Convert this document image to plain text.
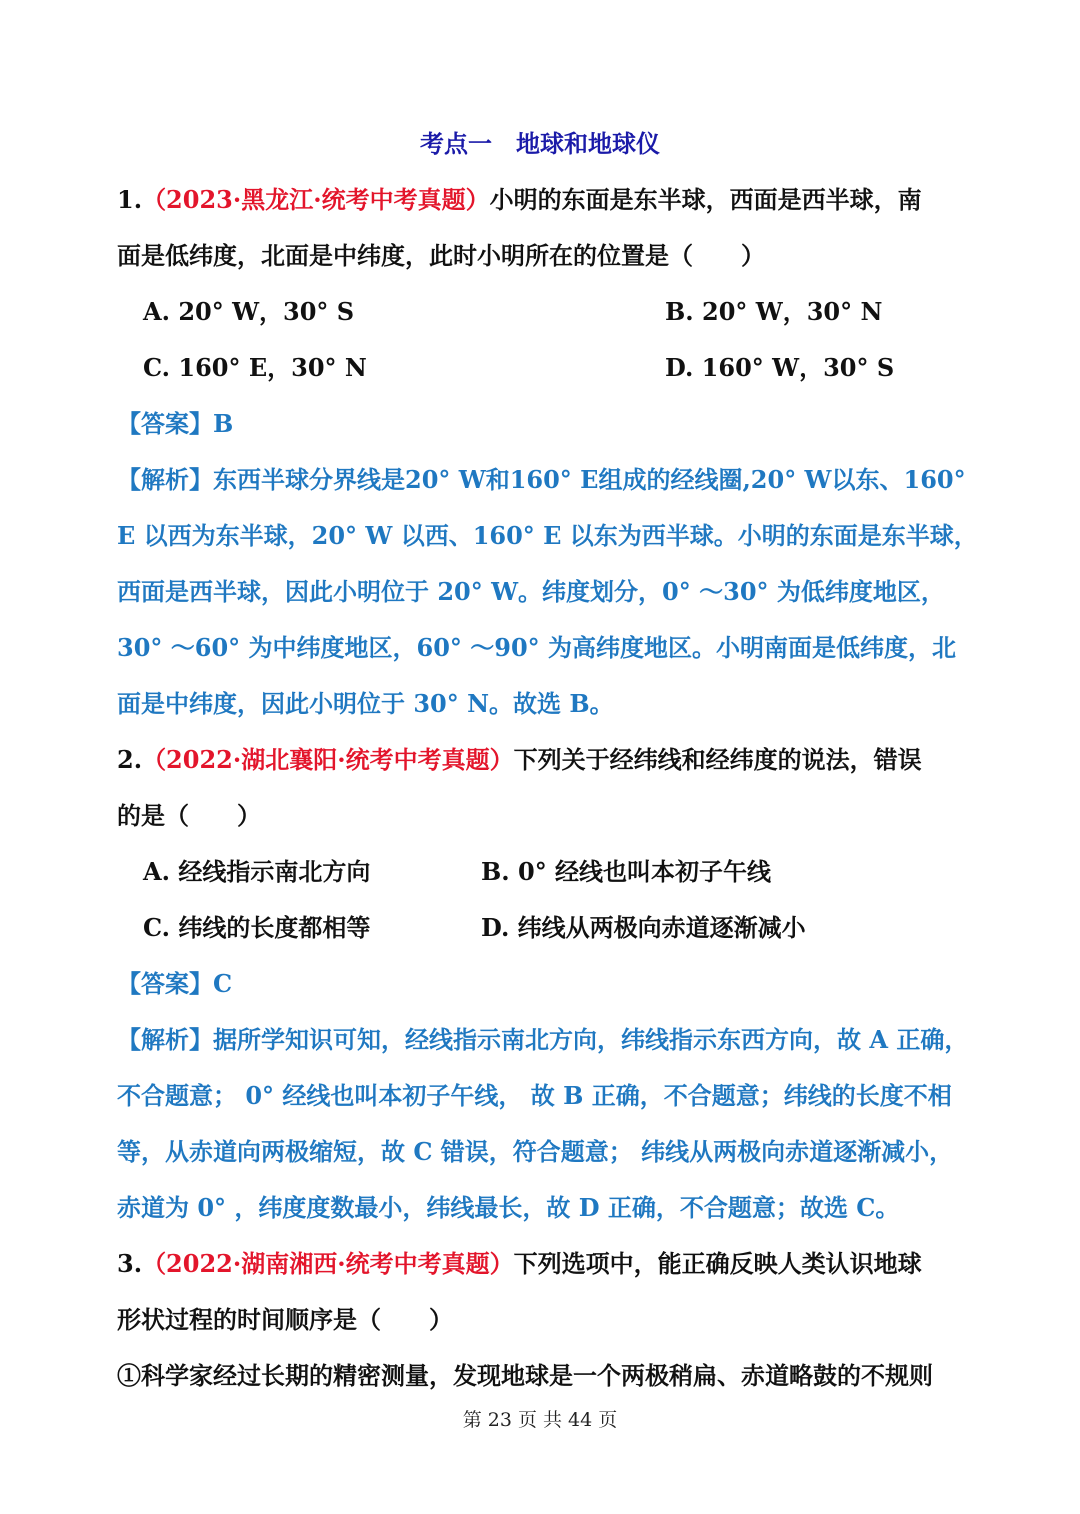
考点一 地球和地球仪
1.（2023·黑龙江·统考中考真题）小明的东面是东半球，西面是西半球，南
面是低纬度，北面是中纬度，此时小明所在的位置是（　　）
A. 20° W，30° S	B. 20° W，30° N
C. 160° E，30° N	D. 160° W，30° S
【答案】B
【解析】东西半球分界线是20° W和160° E组成的经线圈,20° W以东、160°
E 以西为东半球，20° W 以西、160° E 以东为西半球。小明的东面是东半球，
西面是西半球，因此小明位于 20° W。纬度划分，0° ～30° 为低纬度地区，
30° ～60° 为中纬度地区，60° ～90° 为高纬度地区。小明南面是低纬度，北
面是中纬度，因此小明位于 30° N。故选 B。
2.（2022·湖北襄阳·统考中考真题）下列关于经纬线和经纬度的说法，错误
的是（　　）
A. 经线指示南北方向	B. 0° 经线也叫本初子午线
C. 纬线的长度都相等	D. 纬线从两极向赤道逐渐减小
【答案】C
【解析】据所学知识可知，经线指示南北方向，纬线指示东西方向，故 A 正确，
不合题意； 0° 经线也叫本初子午线， 故 B 正确，不合题意；纬线的长度不相
等，从赤道向两极缩短，故 C 错误，符合题意； 纬线从两极向赤道逐渐减小，
赤道为 0° ，纬度度数最小，纬线最长，故 D 正确，不合题意；故选 C。
3.（2022·湖南湘西·统考中考真题）下列选项中，能正确反映人类认识地球
形状过程的时间顺序是（　　）
①科学家经过长期的精密测量，发现地球是一个两极稍扁、赤道略鼓的不规则
第 23 页 共 44 页
